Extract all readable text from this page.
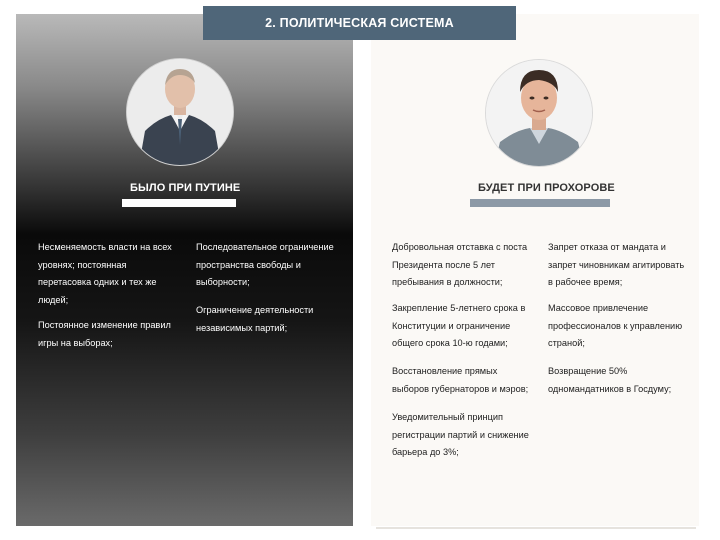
2. ПОЛИТИЧЕСКАЯ СИСТЕМА
БЫЛО ПРИ ПУТИНЕ	БУДЕТ ПРИ ПРОХОРОВЕ

Несменяемость власти на всех уровнях; постоянная перетасовка одних и тех же людей;

Постоянное изменение правил игры на выборах;

Последовательное ограничение пространства свободы и выборности;

Ограничение деятельности независимых партий;

Добровольная отставка с поста Президента после 5 лет пребывания в должности;

Закрепление 5-летнего срока в Конституции и ограничение общего срока 10-ю годами;

Восстановление прямых выборов губернаторов и мэров;

Уведомительный принцип регистрации партий и снижение барьера до 3%;

Запрет отказа от мандата и запрет чиновникам агитировать в рабочее время;

Массовое привлечение профессионалов к управлению страной;

Возвращение 50% одномандатников в Госдуму;
